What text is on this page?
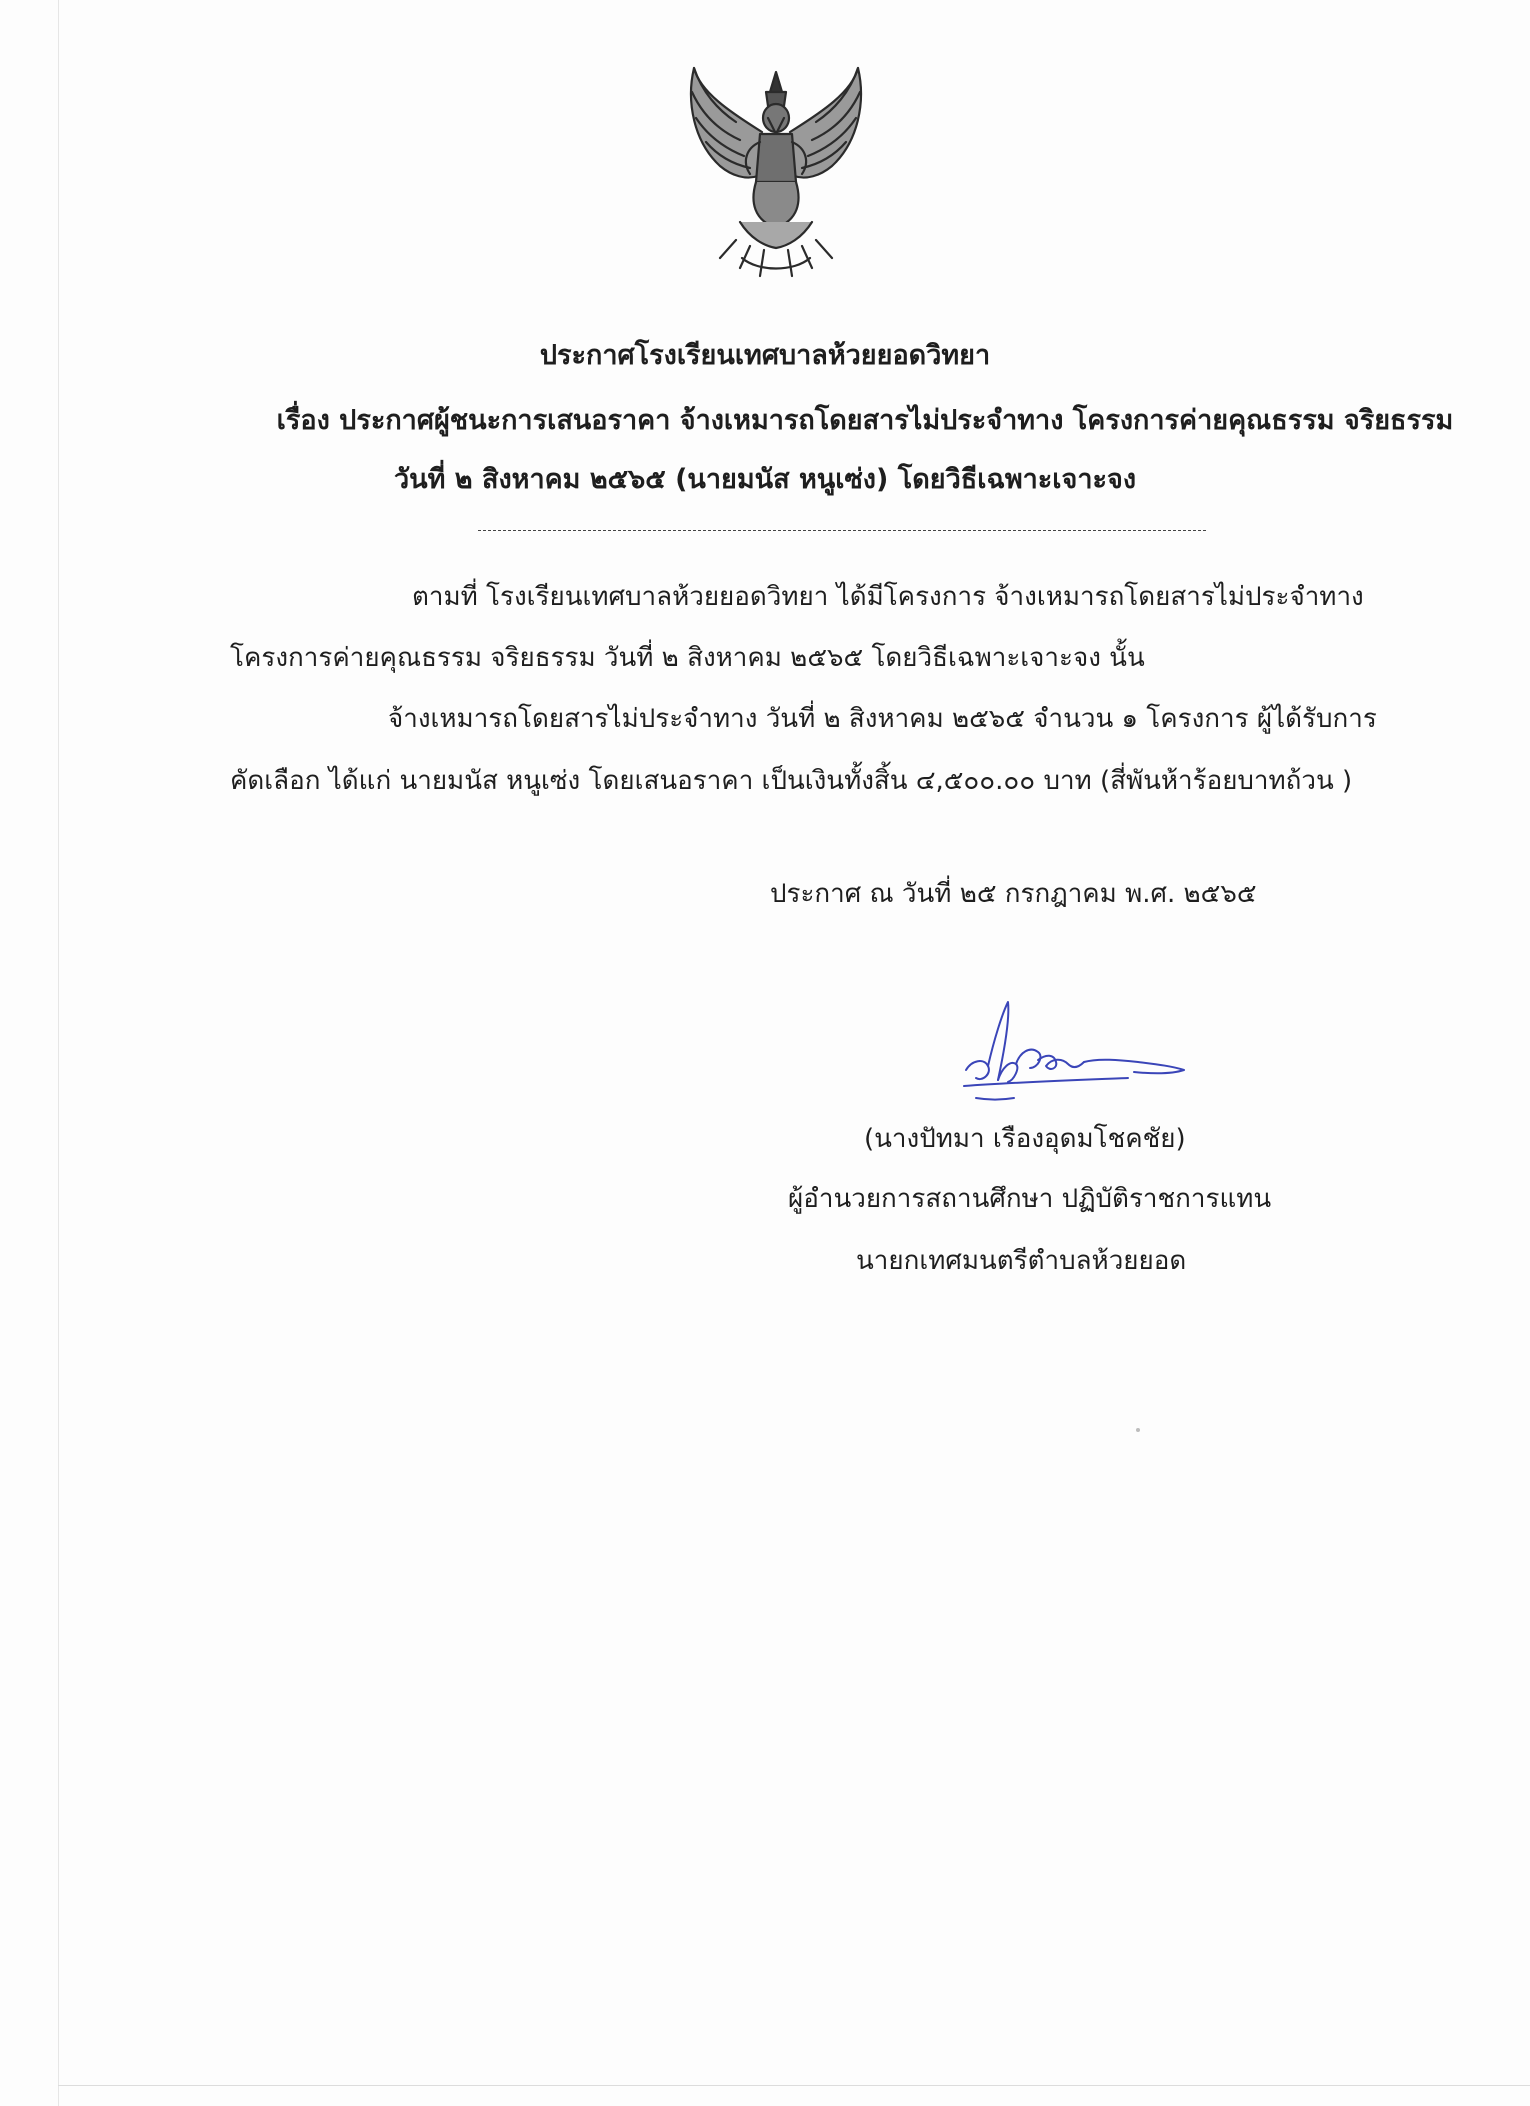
ประกาศโรงเรียนเทศบาลห้วยยอดวิทยา
เรื่อง ประกาศผู้ชนะการเสนอราคา จ้างเหมารถโดยสารไม่ประจำทาง โครงการค่ายคุณธรรม จริยธรรม
วันที่ ๒ สิงหาคม ๒๕๖๕ (นายมนัส หนูเซ่ง) โดยวิธีเฉพาะเจาะจง
ตามที่ โรงเรียนเทศบาลห้วยยอดวิทยา ได้มีโครงการ จ้างเหมารถโดยสารไม่ประจำทาง
โครงการค่ายคุณธรรม จริยธรรม วันที่ ๒ สิงหาคม ๒๕๖๕ โดยวิธีเฉพาะเจาะจง นั้น
จ้างเหมารถโดยสารไม่ประจำทาง วันที่ ๒ สิงหาคม ๒๕๖๕ จำนวน ๑ โครงการ ผู้ได้รับการ
คัดเลือก ได้แก่ นายมนัส หนูเซ่ง โดยเสนอราคา เป็นเงินทั้งสิ้น ๔,๕๐๐.๐๐ บาท (สี่พันห้าร้อยบาทถ้วน )
ประกาศ ณ วันที่ ๒๕ กรกฎาคม พ.ศ. ๒๕๖๕
(นางปัทมา เรืองอุดมโชคชัย)
ผู้อำนวยการสถานศึกษา ปฏิบัติราชการแทน
นายกเทศมนตรีตำบลห้วยยอด
